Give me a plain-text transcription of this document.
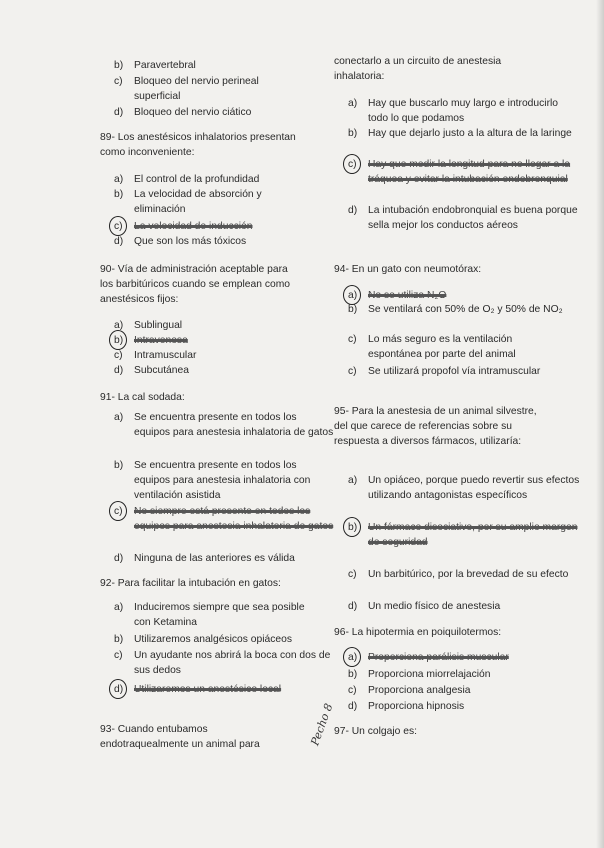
b) Paravertebral
c) Bloqueo del nervio perineal superficial
d) Bloqueo del nervio ciático
89- Los anestésicos inhalatorios presentan como inconveniente:
a) El control de la profundidad
b) La velocidad de absorción y eliminación
c) La velocidad de inducción
d) Que son los más tóxicos
90- Vía de administración aceptable para los barbitúricos cuando se emplean como anestésicos fijos:
a) Sublingual
b) Intravenosa
c) Intramuscular
d) Subcutánea
91- La cal sodada:
a) Se encuentra presente en todos los equipos para anestesia inhalatoria de gatos
b) Se encuentra presente en todos los equipos para anestesia inhalatoria con ventilación asistida
c) No siempre está presente en todos los equipos para anestesia inhalatoria de gatos
d) Ninguna de las anteriores es válida
92- Para facilitar la intubación en gatos:
a) Induciremos siempre que sea posible con Ketamina
b) Utilizaremos analgésicos opiáceos
c) Un ayudante nos abrirá la boca con dos de sus dedos
d) Utilizaremos un anestésico local
93- Cuando entubamos endotraquealmente un animal para
conectarlo a un circuito de anestesia inhalatoria:
a) Hay que buscarlo muy largo e introducirlo todo lo que podamos
b) Hay que dejarlo justo a la altura de la laringe
c) Hay que medir la longitud para no llegar a la tráquea y evitar la intubación endobronquial
d) La intubación endobronquial es buena porque sella mejor los conductos aéreos
94- En un gato con neumotórax:
a) No se utiliza N₂O
b) Se ventilará con 50% de O₂ y 50% de NO₂
c) Lo más seguro es la ventilación espontánea por parte del animal
c) Se utilizará propofol vía intramuscular
95- Para la anestesia de un animal silvestre, del que carece de referencias sobre su respuesta a diversos fármacos, utilizaría:
a) Un opiáceo, porque puedo revertir sus efectos utilizando antagonistas específicos
b) Un fármaco disociativo, por su amplio margen de seguridad
c) Un barbitúrico, por la brevedad de su efecto
d) Un medio físico de anestesia
96- La hipotermia en poiquilotermos:
a) Proporciona parálisis muscular
b) Proporciona miorrelajación
c) Proporciona analgesia
d) Proporciona hipnosis
97- Un colgajo es:
Pecho 8
